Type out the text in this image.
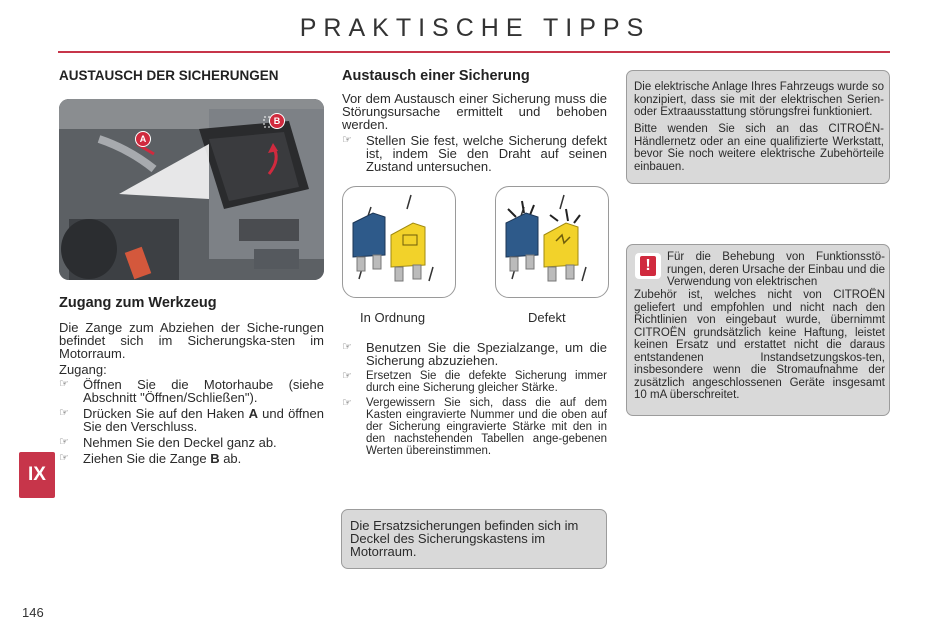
PRAKTISCHE TIPPS
AUSTAUSCH DER SICHERUNGEN
A
B
Zugang zum Werkzeug
Die Zange zum Abziehen der Siche-rungen befindet sich im Sicherungska-sten im Motorraum.
Zugang:
☞	Öffnen Sie die Motorhaube (siehe Abschnitt "Öffnen/Schließen").
☞	Drücken Sie auf den Haken A und öffnen Sie den Verschluss.
☞	Nehmen Sie den Deckel ganz ab.
☞	Ziehen Sie die Zange B ab.
Austausch einer Sicherung
Vor dem Austausch einer Sicherung muss die Störungsursache ermittelt und behoben werden.
☞	Stellen Sie fest, welche Sicherung defekt ist, indem Sie den Draht auf seinen Zustand untersuchen.
In Ordnung	Defekt
☞	Benutzen Sie die Spezialzange, um die Sicherung abzuziehen.
☞	Ersetzen Sie die defekte Sicherung immer durch eine Sicherung gleicher Stärke.
☞	Vergewissern Sie sich, dass die auf dem Kasten eingravierte Nummer und die oben auf der Sicherung eingravierte Stärke mit den in den nachstehenden Tabellen ange-gebenen Werten übereinstimmen.
Die Ersatzsicherungen befinden sich im Deckel des Sicherungskastens im Motorraum.
Die elektrische Anlage Ihres Fahrzeugs wurde so konzipiert, dass sie mit der elektrischen Serien-oder Extraausstattung störungsfrei funktioniert.
Bitte wenden Sie sich an das CITROËN-Händlernetz oder an eine qualifizierte Werkstatt, bevor Sie noch weitere elektrische Zubehörteile einbauen.
!	Für die Behebung von Funktionsstö-rungen, deren Ursache der Einbau und die Verwendung von elektrischen
Zubehör ist, welches nicht von CITROËN geliefert und empfohlen und nicht nach den Richtlinien von eingebaut wurde, übernimmt CITROËN grundsätzlich keine Haftung, leistet keinen Ersatz und erstattet nicht die daraus entstandenen Instandsetzungskos-ten, insbesondere wenn die Stromaufnahme der zusätzlich angeschlossenen Geräte insgesamt 10 mA überschreitet.
IX
146
